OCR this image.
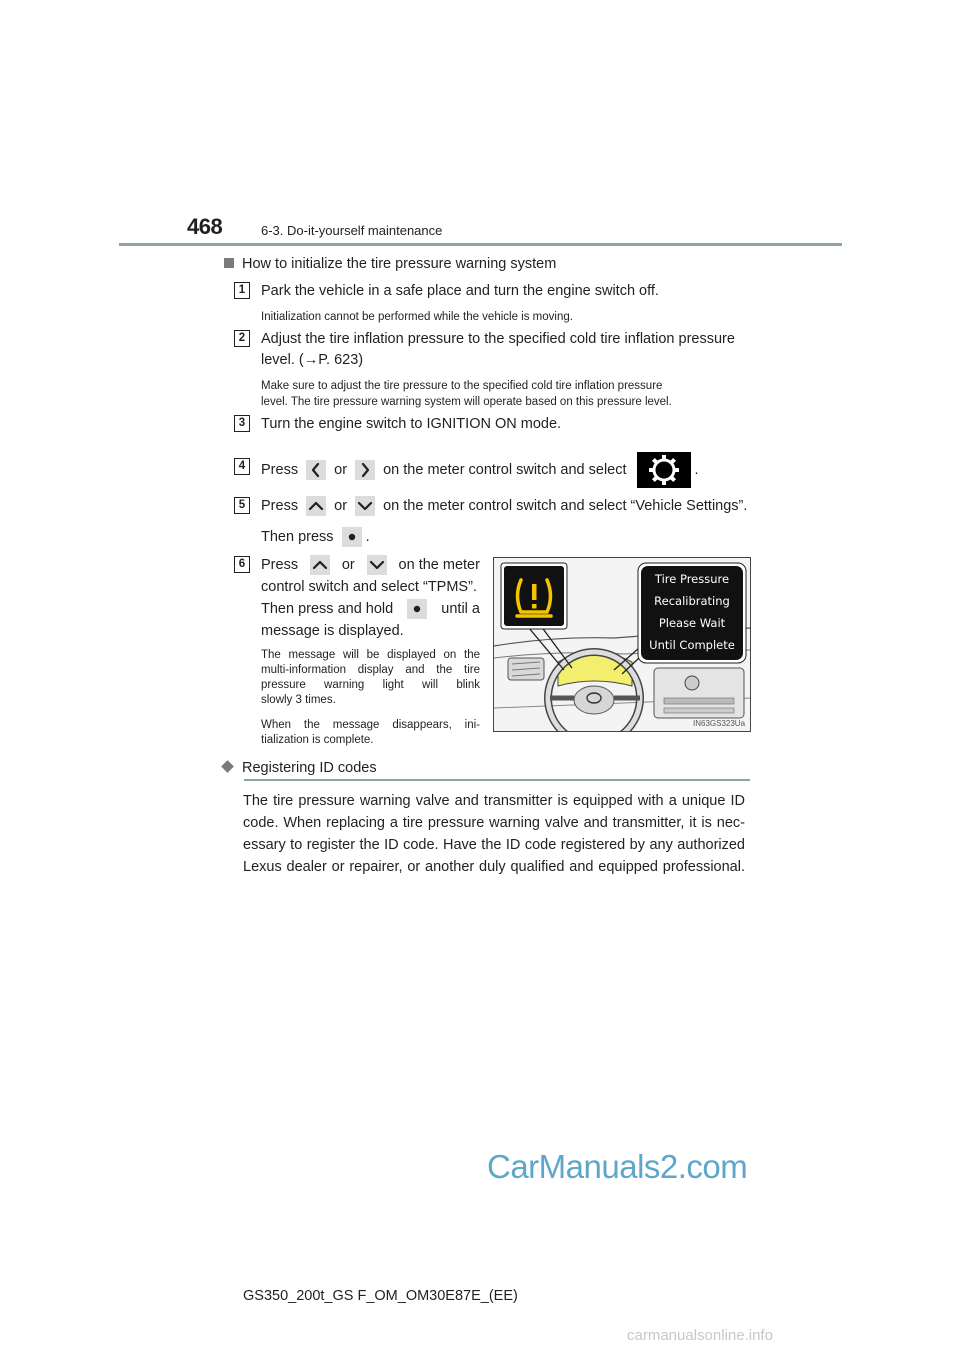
468	6-3. Do-it-yourself maintenance
How to initialize the tire pressure warning system
1	Park the vehicle in a safe place and turn the engine switch off.
Initialization cannot be performed while the vehicle is moving.
2	Adjust the tire inflation pressure to the specified cold tire inflation pressure
level. (→P. 623)
Make sure to adjust the tire pressure to the specified cold tire inflation pressure
level. The tire pressure warning system will operate based on this pressure level.
3	Turn the engine switch to IGNITION ON mode.
4	Press or on the meter control switch and select	.
5	Press or on the meter control switch and select “Vehicle Settings”.
Then press .
6	Press	or	on the meter
control switch and select “TPMS”.
Then press and hold	until a
message is displayed.
The message will be displayed on the
multi-information display and the tire
pressure warning light will blink
slowly 3 times.
When the message disappears, ini-
tialization is complete.
Tire Pressure
Recalibrating
Please Wait
Until Complete
IN63GS323Ua
Registering ID codes
The tire pressure warning valve and transmitter is equipped with a unique ID
code. When replacing a tire pressure warning valve and transmitter, it is nec-
essary to register the ID code. Have the ID code registered by any authorized
Lexus dealer or repairer, or another duly qualified and equipped professional.
GS350_200t_GS F_OM_OM30E87E_(EE)
CarManuals2.com
carmanualsonline.info
